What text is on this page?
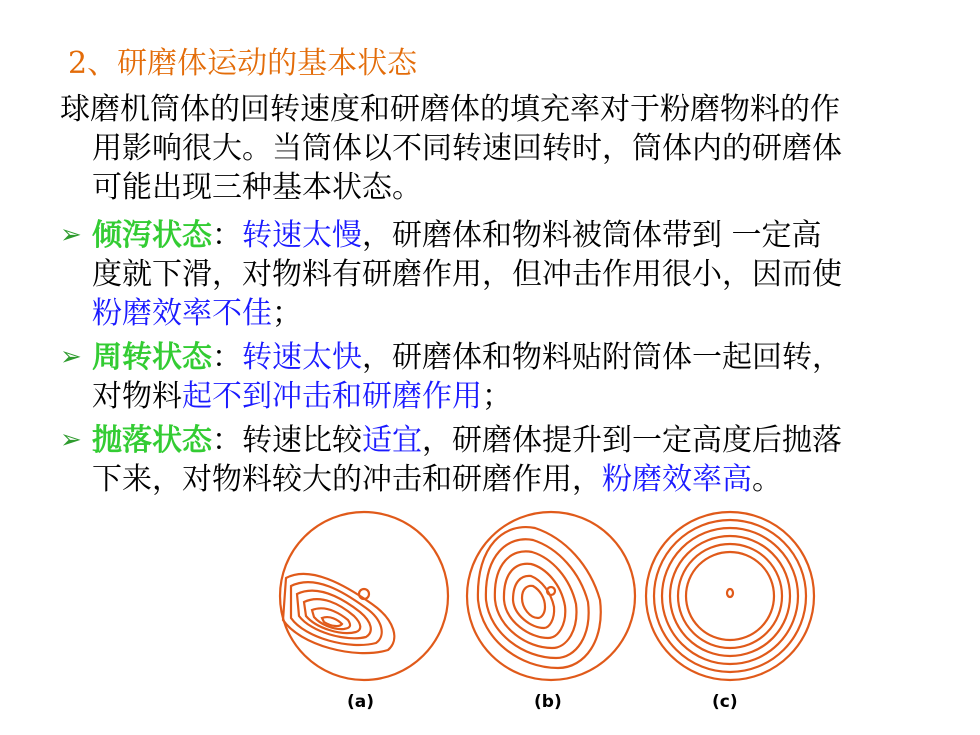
2、研磨体运动的基本状态
球磨机筒体的回转速度和研磨体的填充率对于粉磨物料的作
用影响很大。当筒体以不同转速回转时，筒体内的研磨体 可能出现三种基本状态。
➢ 倾泻状态：转速太慢，研磨体和物料被筒体带到 一定高
度就下滑，对物料有研磨作用，但冲击作用很小，因而使
粉磨效率不佳；
➢ 周转状态：转速太快，研磨体和物料贴附筒体一起回转，
对物料起不到冲击和研磨作用；
➢ 抛落状态：转速比较适宜，研磨体提升到一定高度后抛落
下来，对物料较大的冲击和研磨作用，粉磨效率高。
(a)	(b)	(c)
